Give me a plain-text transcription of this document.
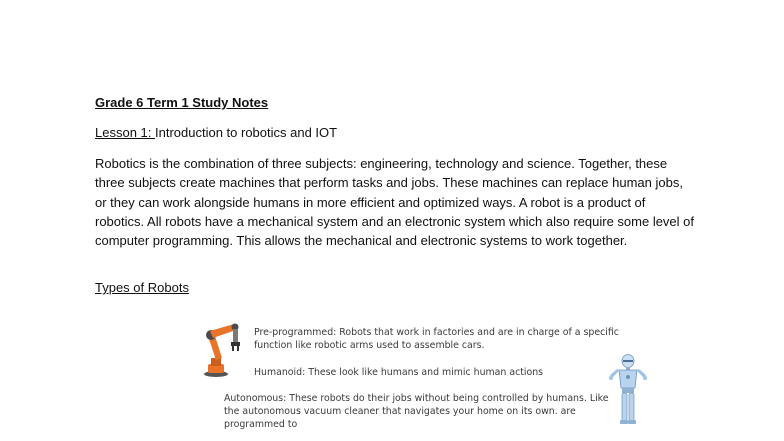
Grade 6 Term 1 Study Notes
Lesson 1: Introduction to robotics and IOT
Robotics is the combination of three subjects: engineering, technology and science. Together, these three subjects create machines that perform tasks and jobs. These machines can replace human jobs, or they can work alongside humans in more efficient and optimized ways. A robot is a product of robotics. All robots have a mechanical system and an electronic system which also require some level of computer programming. This allows the mechanical and electronic systems to work together.
Types of Robots
Pre-programmed: Robots that work in factories and are in charge of a specific function like robotic arms used to assemble cars.
Humanoid: These look like humans and mimic human actions
Autonomous: These robots do their jobs without being controlled by humans. Like the autonomous vacuum cleaner that navigates your home on its own. are programmed to
